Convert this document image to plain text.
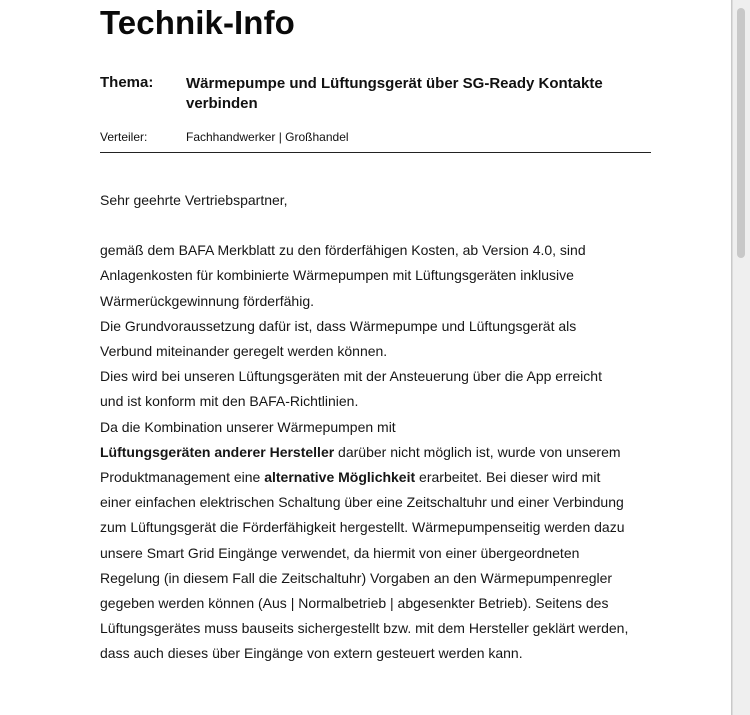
Technik-Info
Thema: Wärmepumpe und Lüftungsgerät über SG-Ready Kontakte
verbinden
Verteiler:	Fachhandwerker | Großhandel

Sehr geehrte Vertriebspartner,

gemäß dem BAFA Merkblatt zu den förderfähigen Kosten, ab Version 4.0, sind
Anlagenkosten für kombinierte Wärmepumpen mit Lüftungsgeräten inklusive
Wärmerückgewinnung förderfähig.
Die Grundvoraussetzung dafür ist, dass Wärmepumpe und Lüftungsgerät als
Verbund miteinander geregelt werden können.
Dies wird bei unseren Lüftungsgeräten mit der Ansteuerung über die App erreicht
und ist konform mit den BAFA-Richtlinien.
Da die Kombination unserer Wärmepumpen mit
Lüftungsgeräten anderer Hersteller darüber nicht möglich ist, wurde von unserem
Produktmanagement eine alternative Möglichkeit erarbeitet. Bei dieser wird mit
einer einfachen elektrischen Schaltung über eine Zeitschaltuhr und einer Verbindung
zum Lüftungsgerät die Förderfähigkeit hergestellt. Wärmepumpenseitig werden dazu
unsere Smart Grid Eingänge verwendet, da hiermit von einer übergeordneten
Regelung (in diesem Fall die Zeitschaltuhr) Vorgaben an den Wärmepumpenregler
gegeben werden können (Aus | Normalbetrieb | abgesenkter Betrieb). Seitens des
Lüftungsgerätes muss bauseits sichergestellt bzw. mit dem Hersteller geklärt werden,
dass auch dieses über Eingänge von extern gesteuert werden kann.
